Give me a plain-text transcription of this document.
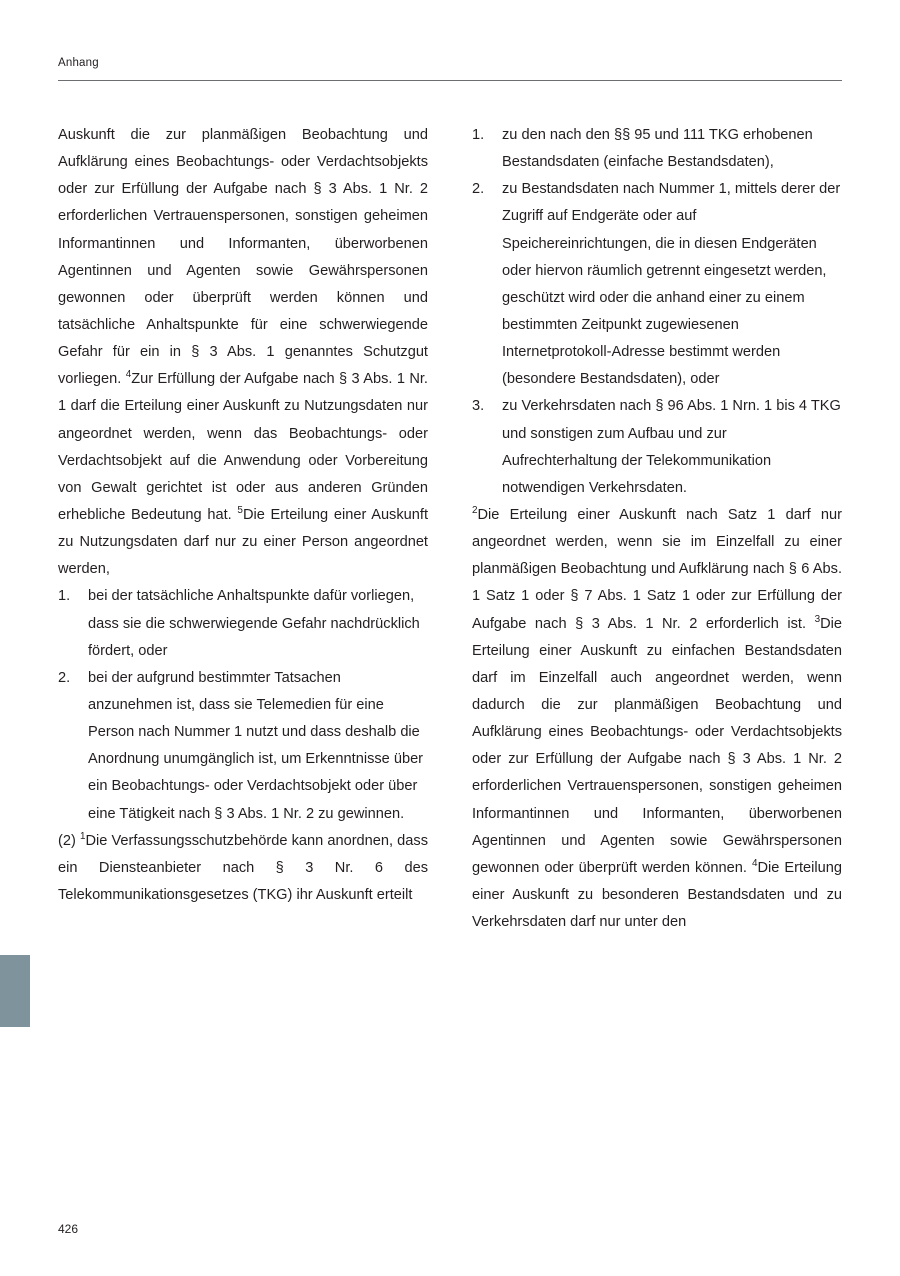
Anhang

Auskunft die zur planmäßigen Beobachtung und Aufklärung eines Beobachtungs- oder Verdachtsobjekts oder zur Erfüllung der Aufgabe nach § 3 Abs. 1 Nr. 2 erforderlichen Vertrauenspersonen, sonstigen geheimen Informantinnen und Informanten, überworbenen Agentinnen und Agenten sowie Gewährspersonen gewonnen oder überprüft werden können und tatsächliche Anhaltspunkte für eine schwerwiegende Gefahr für ein in § 3 Abs. 1 genanntes Schutzgut vorliegen. $^4$Zur Erfüllung der Aufgabe nach § 3 Abs. 1 Nr. 1 darf die Erteilung einer Auskunft zu Nutzungsdaten nur angeordnet werden, wenn das Beobachtungs- oder Verdachtsobjekt auf die Anwendung oder Vorbereitung von Gewalt gerichtet ist oder aus anderen Gründen erhebliche Bedeutung hat. $^5$Die Erteilung einer Auskunft zu Nutzungsdaten darf nur zu einer Person angeordnet werden,

1. bei der tatsächliche Anhaltspunkte dafür vorliegen, dass sie die schwerwiegende Gefahr nachdrücklich fördert, oder

2. bei der aufgrund bestimmter Tatsachen anzunehmen ist, dass sie Telemedien für eine Person nach Nummer 1 nutzt und dass deshalb die Anordnung unumgänglich ist, um Erkenntnisse über ein Beobachtungs- oder Verdachtsobjekt oder über eine Tätigkeit nach § 3 Abs. 1 Nr. 2 zu gewinnen.

(2) $^1$Die Verfassungsschutzbehörde kann anordnen, dass ein Diensteanbieter nach § 3 Nr. 6 des Telekommunikationsgesetzes (TKG) ihr Auskunft erteilt

1. zu den nach den §§ 95 und 111 TKG erhobenen Bestandsdaten (einfache Bestandsdaten),

2. zu Bestandsdaten nach Nummer 1, mittels derer der Zugriff auf Endgeräte oder auf Speichereinrichtungen, die in diesen Endgeräten oder hiervon räumlich getrennt eingesetzt werden, geschützt wird oder die anhand einer zu einem bestimmten Zeitpunkt zugewiesenen Internetprotokoll-Adresse bestimmt werden (besondere Bestandsdaten), oder

3. zu Verkehrsdaten nach § 96 Abs. 1 Nrn. 1 bis 4 TKG und sonstigen zum Aufbau und zur Aufrechterhaltung der Telekommunikation notwendigen Verkehrsdaten.

$^2$Die Erteilung einer Auskunft nach Satz 1 darf nur angeordnet werden, wenn sie im Einzelfall zu einer planmäßigen Beobachtung und Aufklärung nach § 6 Abs. 1 Satz 1 oder § 7 Abs. 1 Satz 1 oder zur Erfüllung der Aufgabe nach § 3 Abs. 1 Nr. 2 erforderlich ist. $^3$Die Erteilung einer Auskunft zu einfachen Bestandsdaten darf im Einzelfall auch angeordnet werden, wenn dadurch die zur planmäßigen Beobachtung und Aufklärung eines Beobachtungs- oder Verdachtsobjekts oder zur Erfüllung der Aufgabe nach § 3 Abs. 1 Nr. 2 erforderlichen Vertrauenspersonen, sonstigen geheimen Informantinnen und Informanten, überworbenen Agentinnen und Agenten sowie Gewährspersonen gewonnen oder überprüft werden können. $^4$Die Erteilung einer Auskunft zu besonderen Bestandsdaten und zu Verkehrsdaten darf nur unter den

426
